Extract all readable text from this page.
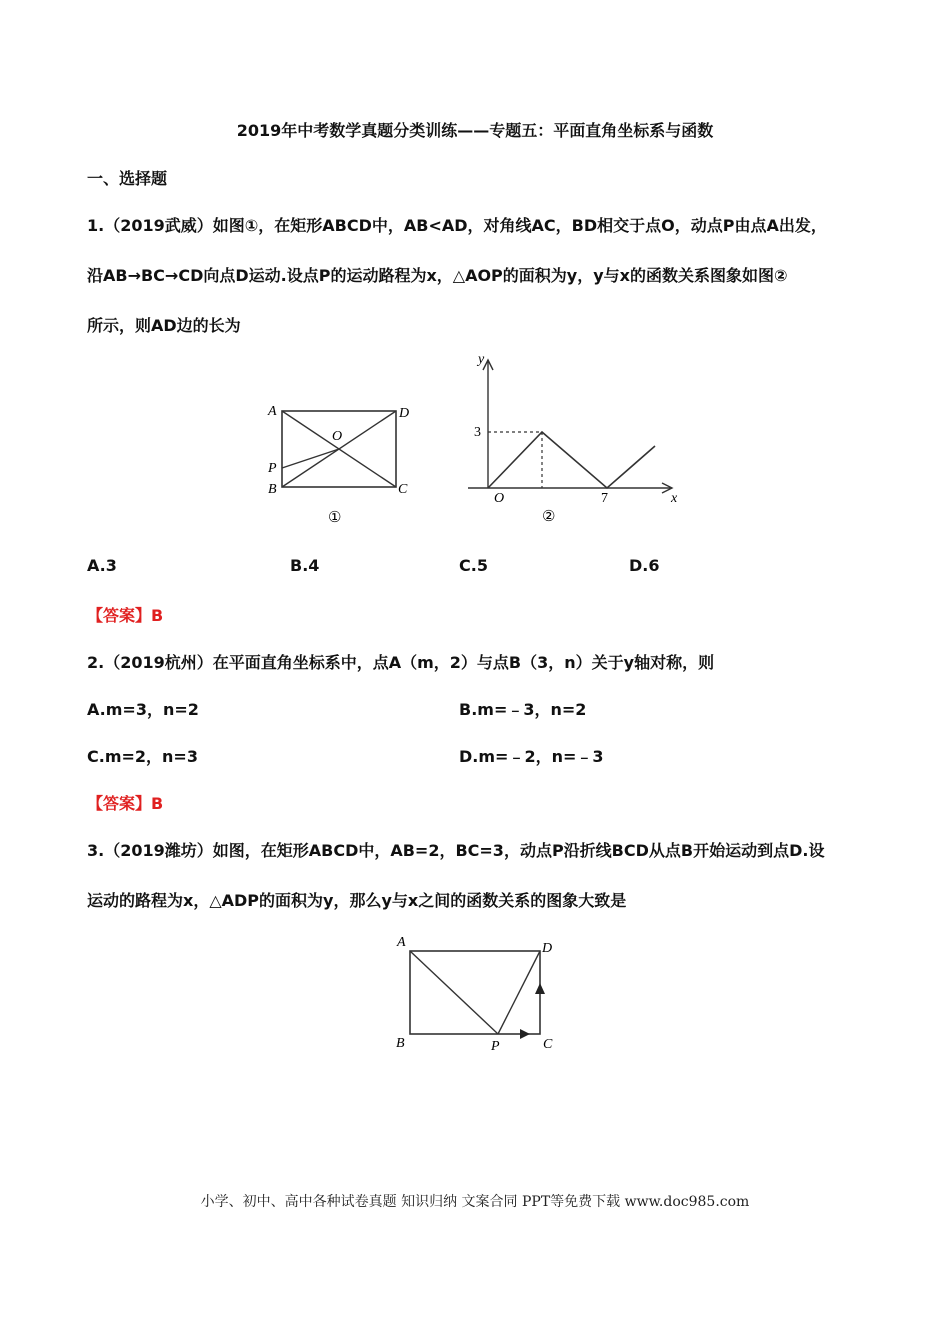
2019年中考数学真题分类训练——专题五：平面直角坐标系与函数
一、选择题
1.（2019武威）如图①，在矩形ABCD中，AB<AD，对角线AC，BD相交于点O，动点P由点A出发，
沿AB→BC→CD向点D运动.设点P的运动路程为x，△AOP的面积为y，y与x的函数关系图象如图②
所示，则AD边的长为
A	D
O
P
B	C
①
y
x
O
3
7
②
A.3	B.4	C.5	D.6
【答案】B
2.（2019杭州）在平面直角坐标系中，点A（m，2）与点B（3，n）关于y轴对称，则
A.m=3，n=2	B.m=﹣3，n=2
C.m=2，n=3	D.m=﹣2，n=﹣3
【答案】B
3.（2019潍坊）如图，在矩形ABCD中，AB=2，BC=3，动点P沿折线BCD从点B开始运动到点D.设
运动的路程为x，△ADP的面积为y，那么y与x之间的函数关系的图象大致是
A	D
B	P	C
小学、初中、高中各种试卷真题 知识归纳 文案合同 PPT等免费下载 www.doc985.com
